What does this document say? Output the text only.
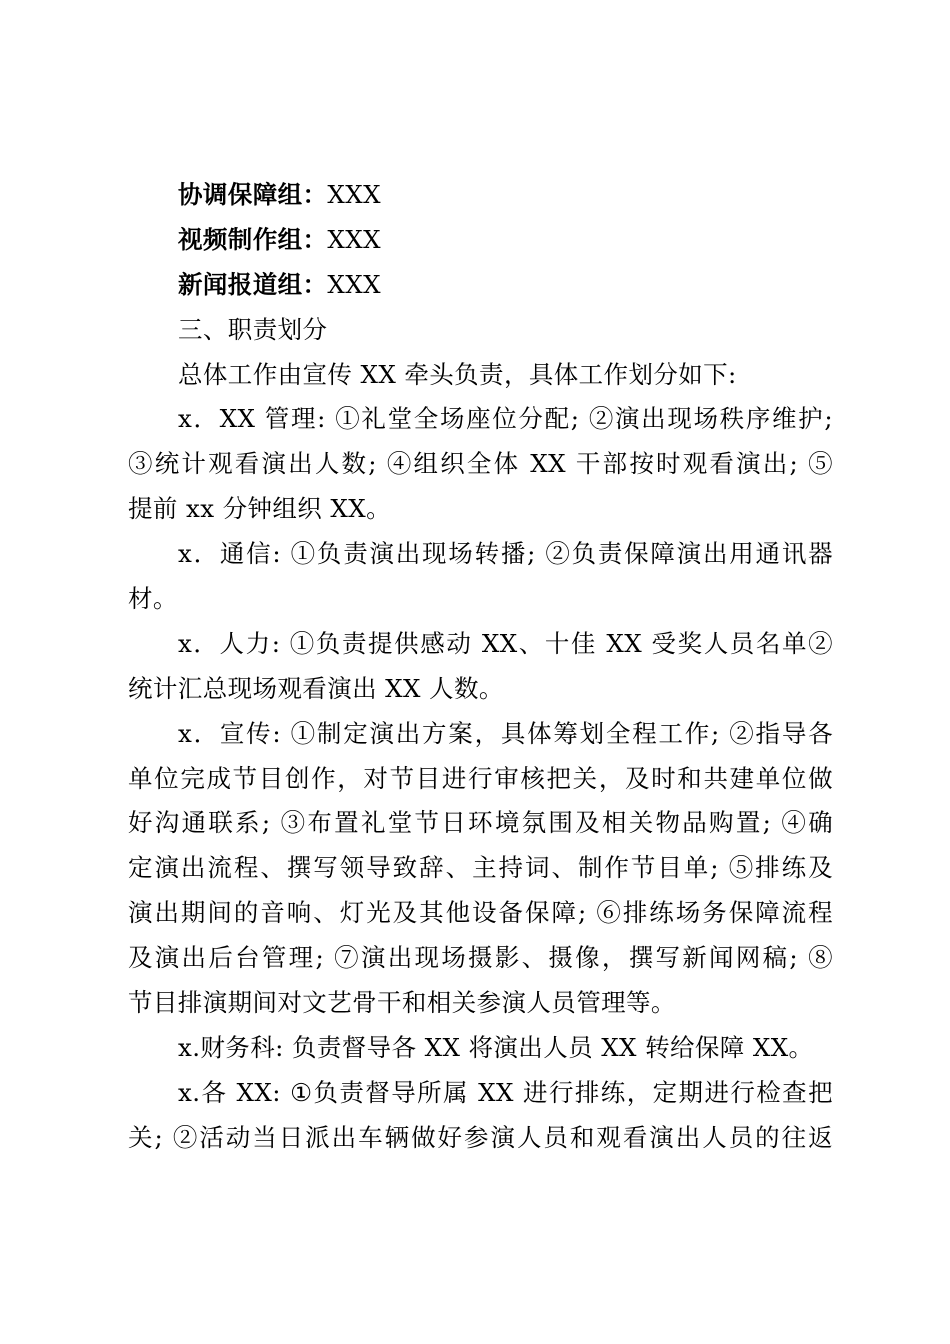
协调保障组：XXX
视频制作组：XXX
新闻报道组：XXX
三、职责划分
总体工作由宣传 XX 牵头负责，具体工作划分如下:
x．XX 管理: ①礼堂全场座位分配; ②演出现场秩序维护;
③统计观看演出人数; ④组织全体 XX 干部按时观看演出; ⑤
提前 xx 分钟组织 XX。
x．通信: ①负责演出现场转播; ②负责保障演出用通讯器
材。
x．人力: ①负责提供感动 XX、十佳 XX 受奖人员名单②
统计汇总现场观看演出 XX 人数。
x．宣传: ①制定演出方案，具体筹划全程工作; ②指导各
单位完成节目创作，对节目进行审核把关，及时和共建单位做
好沟通联系; ③布置礼堂节日环境氛围及相关物品购置; ④确
定演出流程、撰写领导致辞、主持词、制作节目单; ⑤排练及
演出期间的音响、灯光及其他设备保障; ⑥排练场务保障流程
及演出后台管理; ⑦演出现场摄影、摄像，撰写新闻网稿; ⑧
节目排演期间对文艺骨干和相关参演人员管理等。
x.财务科: 负责督导各 XX 将演出人员 XX 转给保障 XX。
x.各 XX: ①负责督导所属 XX 进行排练，定期进行检查把
关; ②活动当日派出车辆做好参演人员和观看演出人员的往返
